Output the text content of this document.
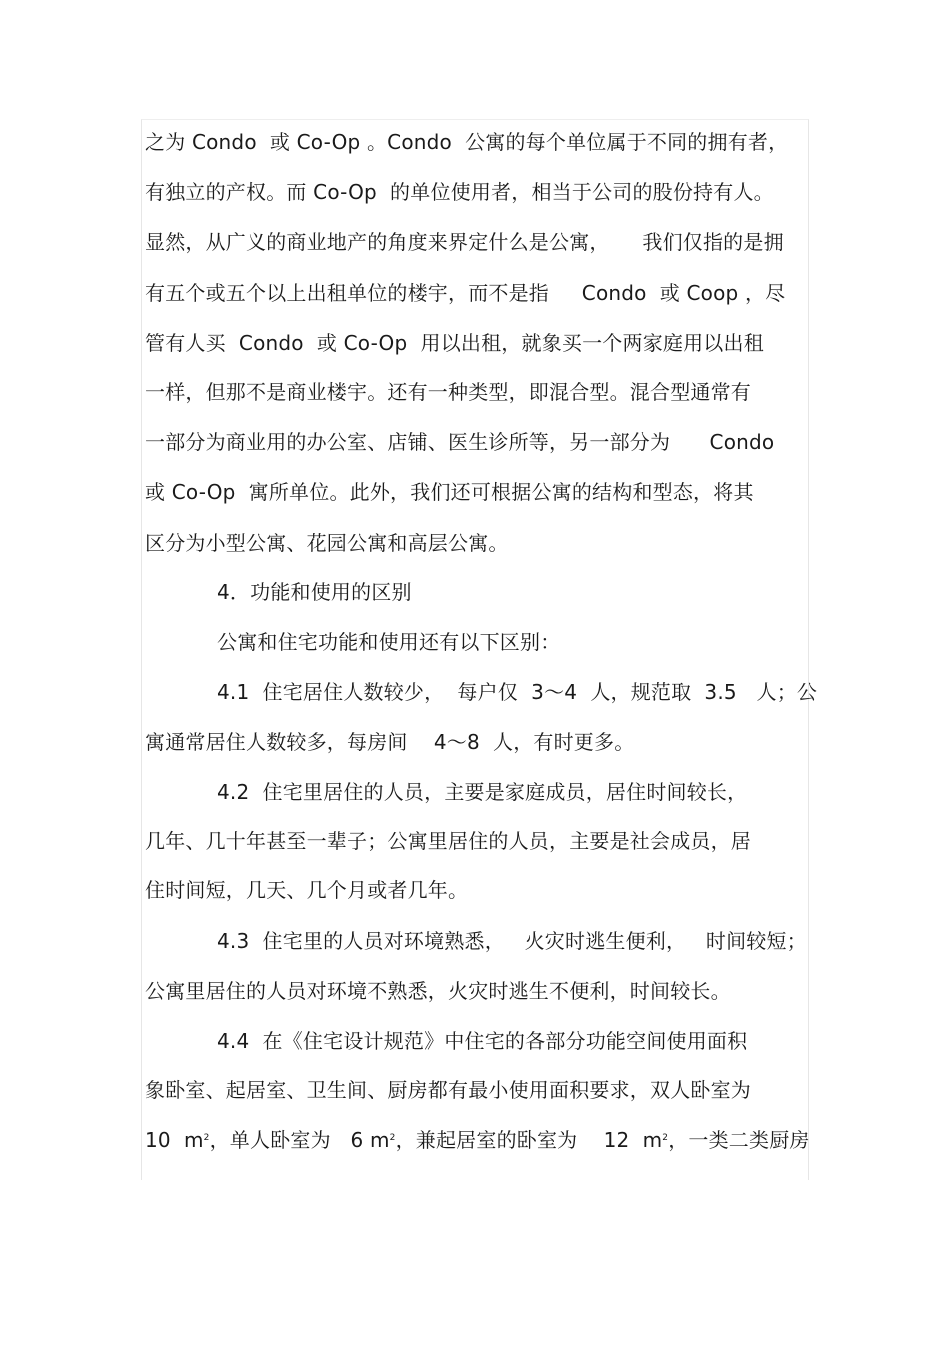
之为 Condo  或 Co-Op 。Condo  公寓的每个单位属于不同的拥有者，
有独立的产权。而 Co-Op  的单位使用者，相当于公司的股份持有人。
显然，从广义的商业地产的角度来界定什么是公寓，     我们仅指的是拥
有五个或五个以上出租单位的楼宇，而不是指     Condo  或 Coop ，尽
管有人买  Condo  或 Co-Op  用以出租，就象买一个两家庭用以出租
一样，但那不是商业楼宇。还有一种类型，即混合型。混合型通常有
一部分为商业用的办公室、店铺、医生诊所等，另一部分为      Condo
或 Co-Op  寓所单位。此外，我们还可根据公寓的结构和型态，将其
区分为小型公寓、花园公寓和高层公寓。
4．功能和使用的区别
公寓和住宅功能和使用还有以下区别：
4.1  住宅居住人数较少，  每户仅  3～4  人，规范取  3.5   人；公
寓通常居住人数较多，每房间    4～8  人，有时更多。
4.2  住宅里居住的人员，主要是家庭成员，居住时间较长，
几年、几十年甚至一辈子；公寓里居住的人员，主要是社会成员，居
住时间短，几天、几个月或者几年。
4.3  住宅里的人员对环境熟悉，   火灾时逃生便利，   时间较短；
公寓里居住的人员对环境不熟悉，火灾时逃生不便利，时间较长。
4.4  在《住宅设计规范》中住宅的各部分功能空间使用面积
象卧室、起居室、卫生间、厨房都有最小使用面积要求，双人卧室为
10  $m^2$，单人卧室为   6 $m^2$，兼起居室的卧室为    12  $m^2$，一类二类厨房
